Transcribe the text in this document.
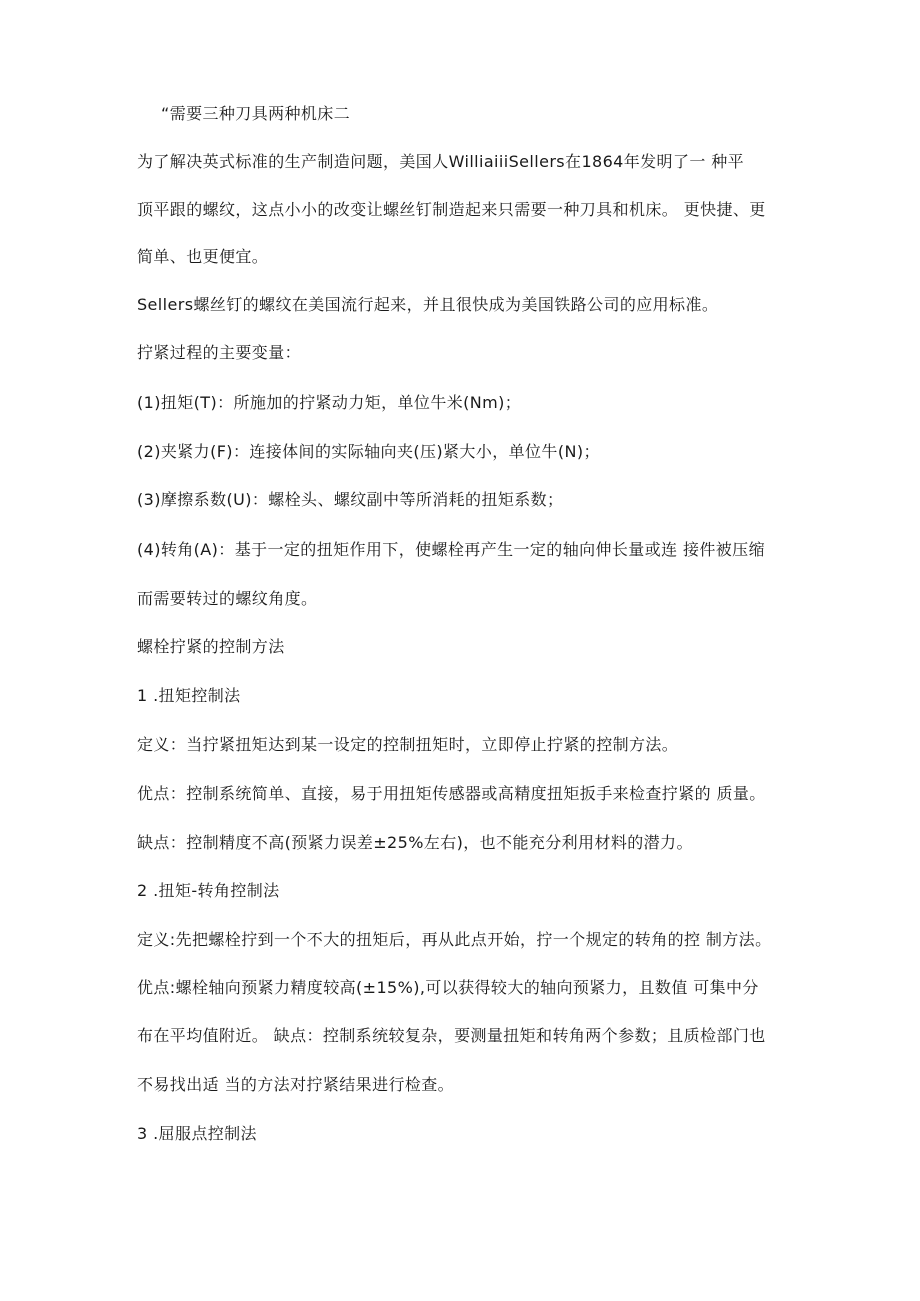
“需要三种刀具两种机床二
为了解决英式标准的生产制造问题，美国人WilliaiiiSellers在1864年发明了一 种平
顶平跟的螺纹，这点小小的改变让螺丝钉制造起来只需要一种刀具和机床。 更快捷、更
简单、也更便宜。
Sellers螺丝钉的螺纹在美国流行起来，并且很快成为美国铁路公司的应用标准。
拧紧过程的主要变量：
(1)扭矩(T)：所施加的拧紧动力矩，单位牛米(Nm)；
(2)夹紧力(F)：连接体间的实际轴向夹(压)紧大小，单位牛(N)；
(3)摩擦系数(U)：螺栓头、螺纹副中等所消耗的扭矩系数；
(4)转角(A)：基于一定的扭矩作用下，使螺栓再产生一定的轴向伸长量或连 接件被压缩
而需要转过的螺纹角度。
螺栓拧紧的控制方法
1 .扭矩控制法
定义：当拧紧扭矩达到某一设定的控制扭矩时，立即停止拧紧的控制方法。
优点：控制系统简单、直接，易于用扭矩传感器或高精度扭矩扳手来检查拧紧的 质量。
缺点：控制精度不高(预紧力误差±25%左右)，也不能充分利用材料的潜力。
2 .扭矩-转角控制法
定义:先把螺栓拧到一个不大的扭矩后，再从此点开始，拧一个规定的转角的控 制方法。
优点:螺栓轴向预紧力精度较高(±15%),可以获得较大的轴向预紧力，且数值 可集中分
布在平均值附近。 缺点：控制系统较复杂，要测量扭矩和转角两个参数；且质检部门也
不易找出适 当的方法对拧紧结果进行检查。
3 .屈服点控制法
